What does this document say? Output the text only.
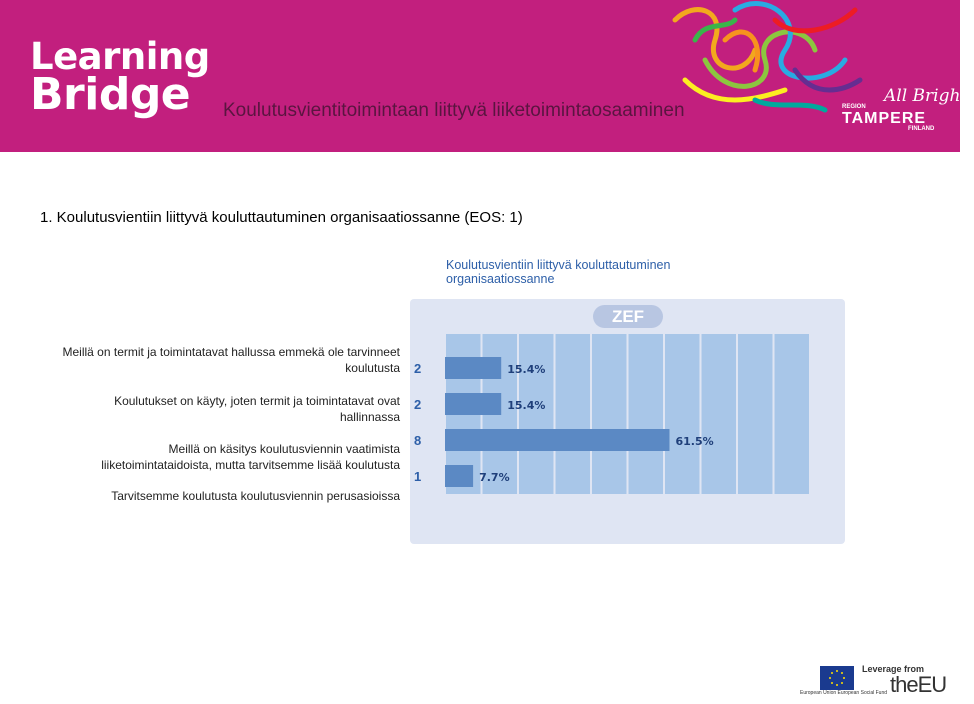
Learning
Bridge	Koulutusvientitoimintaan liittyvä liiketoimintaosaaminen
All Bright!
REGION
TAMPERE
FINLAND
1. Koulutusvientiin liittyvä kouluttautuminen organisaatiossanne (EOS: 1)
Koulutusvientiin liittyvä kouluttautuminen organisaatiossanne
ZEF
Meillä on termit ja toimintatavat hallussa emmekä ole tarvinneet koulutusta
Koulutukset on käyty, joten termit ja toimintatavat ovat hallinnassa
Meillä on käsitys koulutusviennin vaatimista liiketoimintataidoista, mutta tarvitsemme lisää koulutusta
Tarvitsemme koulutusta koulutusviennin perusasioissa
2	15.4%
2	15.4%
8	61.5%
1	7.7%
Leverage from
theEU
European Union European Social Fund
